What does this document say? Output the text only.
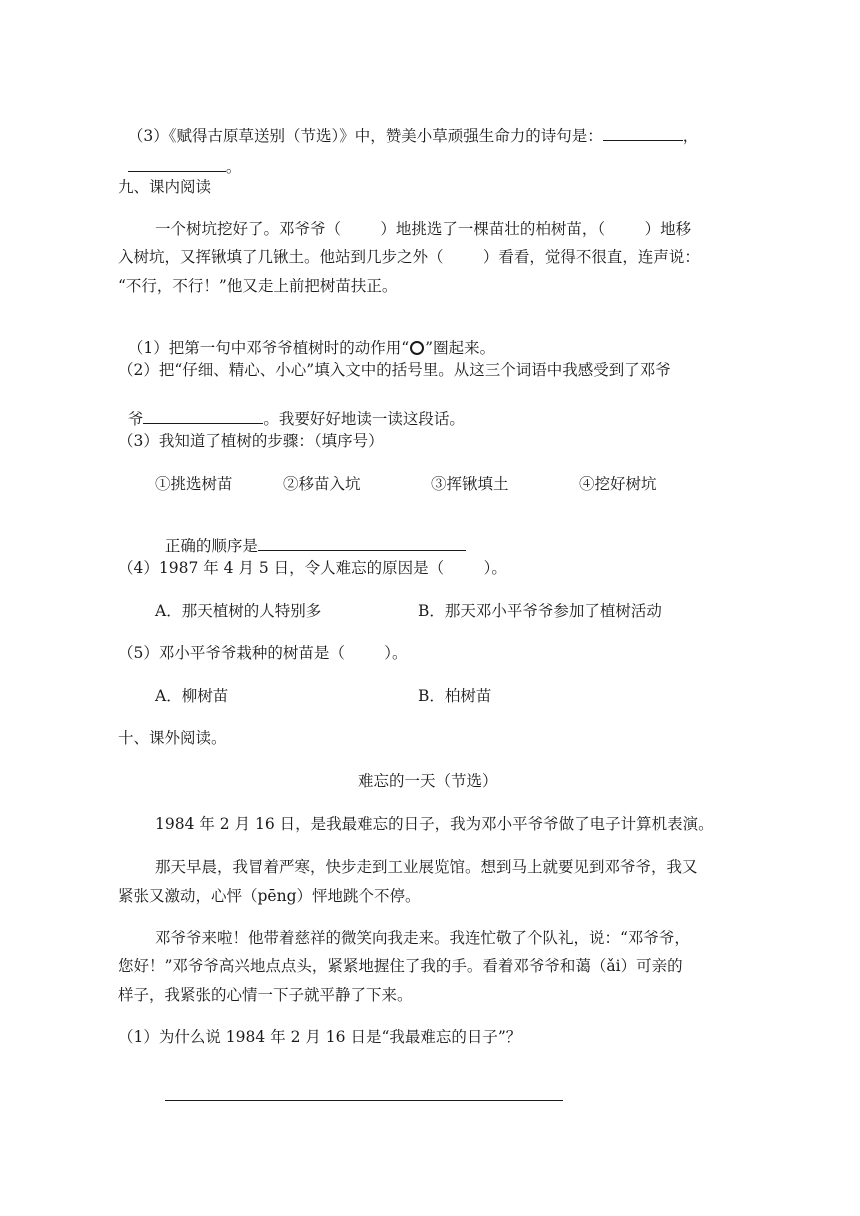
（3）《赋得古原草送别（节选）》中，赞美小草顽强生命力的诗句是：	，

。

九、课内阅读
一个树坑挖好了。邓爷爷（        ）地挑选了一棵苗壮的柏树苗，（        ）地移
入树坑，又挥锹填了几锹土。他站到几步之外（        ）看看，觉得不很直，连声说：
“不行，不行！”他又走上前把树苗扶正。

（1）把第一句中邓爷爷植树时的动作用“ ”圈起来。

（2）把“仔细、精心、小心”填入文中的括号里。从这三个词语中我感受到了邓爷

爷	。我要好好地读一读这段话。

（3）我知道了植树的步骤：（填序号）
①挑选树苗	②移苗入坑	③挥锹填土	④挖好树坑

正确的顺序是

（4）1987 年 4 月 5 日，令人难忘的原因是（        ）。
A．那天植树的人特别多	B．那天邓小平爷爷参加了植树活动
（5）邓小平爷爷栽种的树苗是（        ）。
A．柳树苗	B．柏树苗
十、课外阅读。
难忘的一天（节选）
1984 年 2 月 16 日，是我最难忘的日子，我为邓小平爷爷做了电子计算机表演。
那天早晨，我冒着严寒，快步走到工业展览馆。想到马上就要见到邓爷爷，我又
紧张又激动，心怦（pēng）怦地跳个不停。
邓爷爷来啦！他带着慈祥的微笑向我走来。我连忙敬了个队礼，说：“邓爷爷，
您好！”邓爷爷高兴地点点头，紧紧地握住了我的手。看着邓爷爷和蔼（ǎi）可亲的
样子，我紧张的心情一下子就平静了下来。
（1）为什么说 1984 年 2 月 16 日是“我最难忘的日子”？
